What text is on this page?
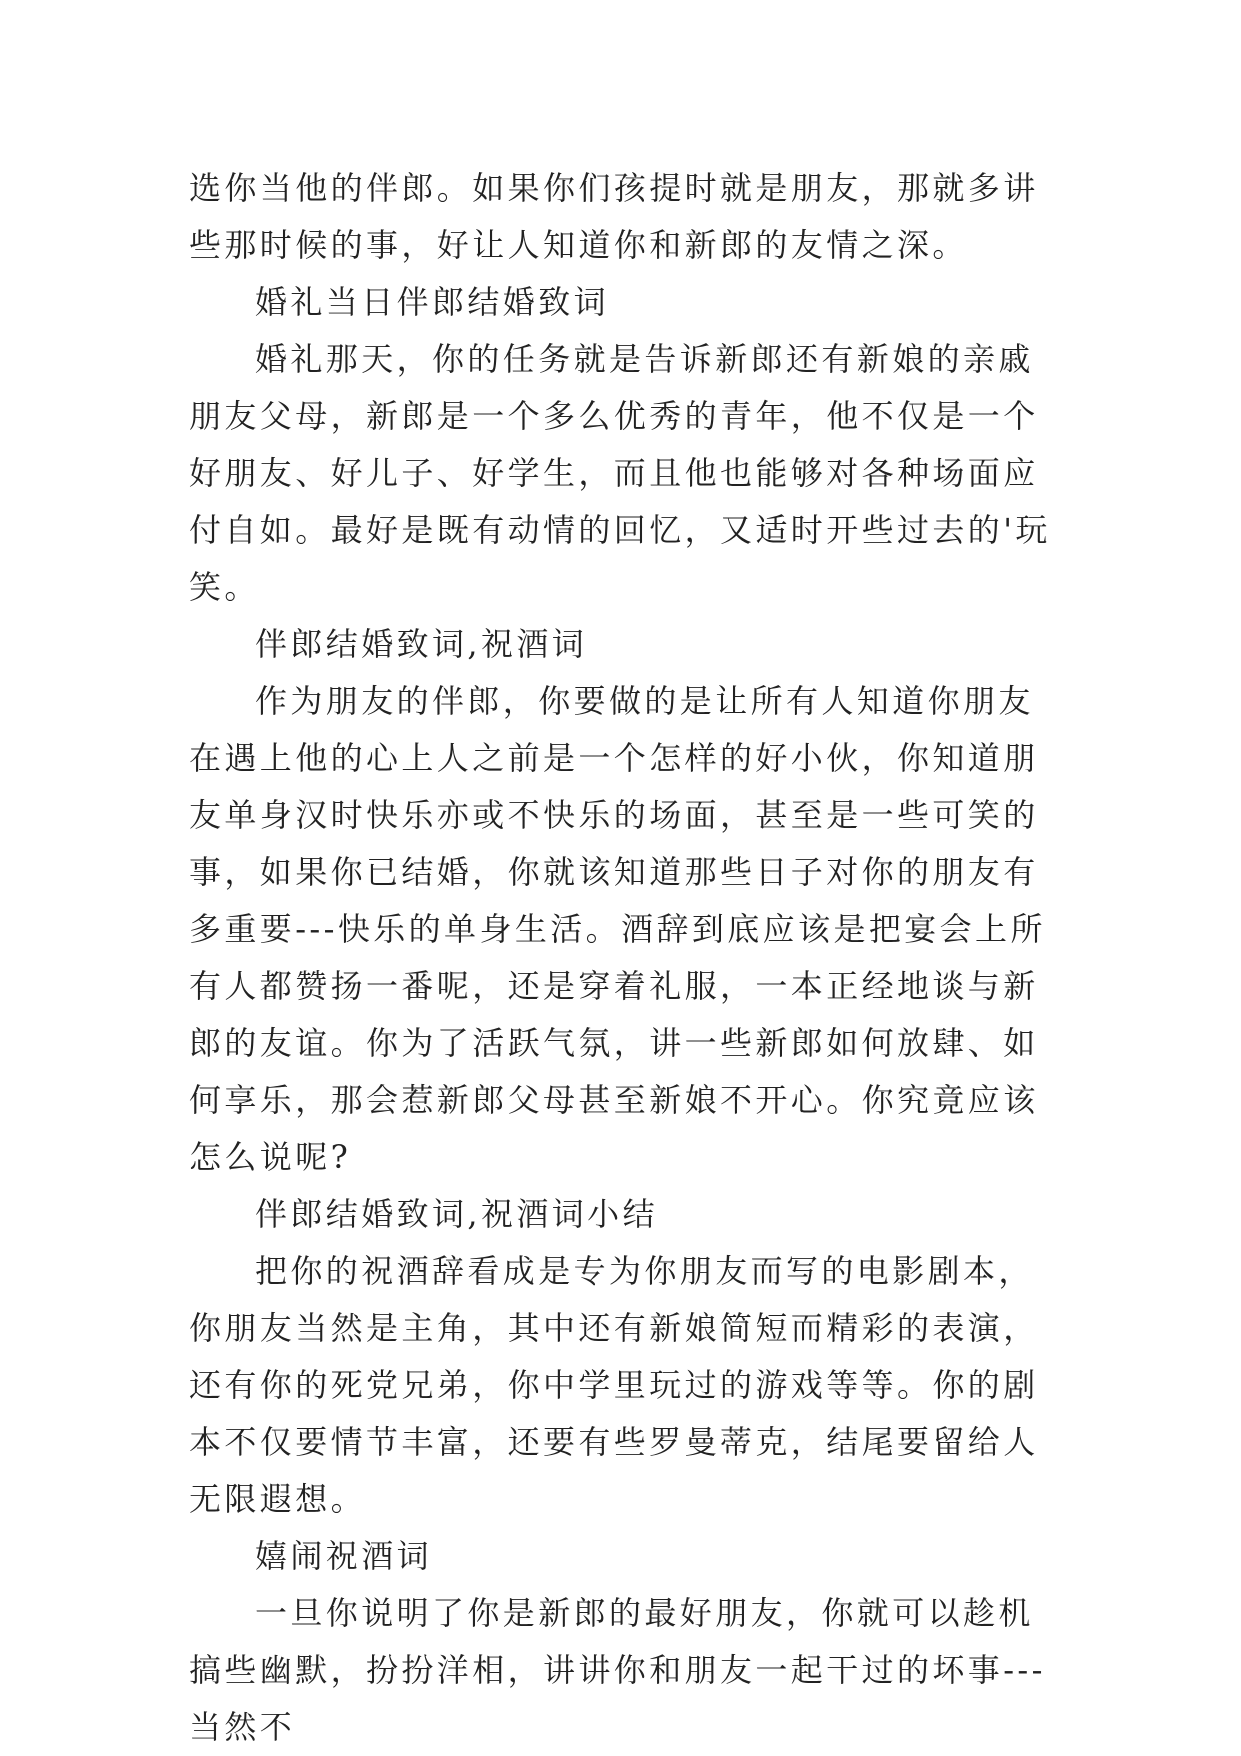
选你当他的伴郎。如果你们孩提时就是朋友，那就多讲些那时候的事，好让人知道你和新郎的友情之深。

婚礼当日伴郎结婚致词

婚礼那天，你的任务就是告诉新郎还有新娘的亲戚朋友父母，新郎是一个多么优秀的青年，他不仅是一个好朋友、好儿子、好学生，而且他也能够对各种场面应付自如。最好是既有动情的回忆，又适时开些过去的'玩笑。

伴郎结婚致词,祝酒词

作为朋友的伴郎，你要做的是让所有人知道你朋友在遇上他的心上人之前是一个怎样的好小伙，你知道朋友单身汉时快乐亦或不快乐的场面，甚至是一些可笑的事，如果你已结婚，你就该知道那些日子对你的朋友有多重要---快乐的单身生活。酒辞到底应该是把宴会上所有人都赞扬一番呢，还是穿着礼服，一本正经地谈与新郎的友谊。你为了活跃气氛，讲一些新郎如何放肆、如何享乐，那会惹新郎父母甚至新娘不开心。你究竟应该怎么说呢?

伴郎结婚致词,祝酒词小结

把你的祝酒辞看成是专为你朋友而写的电影剧本，你朋友当然是主角，其中还有新娘简短而精彩的表演，还有你的死党兄弟，你中学里玩过的游戏等等。你的剧本不仅要情节丰富，还要有些罗曼蒂克，结尾要留给人无限遐想。

嬉闹祝酒词

一旦你说明了你是新郎的最好朋友，你就可以趁机搞些幽默，扮扮洋相，讲讲你和朋友一起干过的坏事---当然不
